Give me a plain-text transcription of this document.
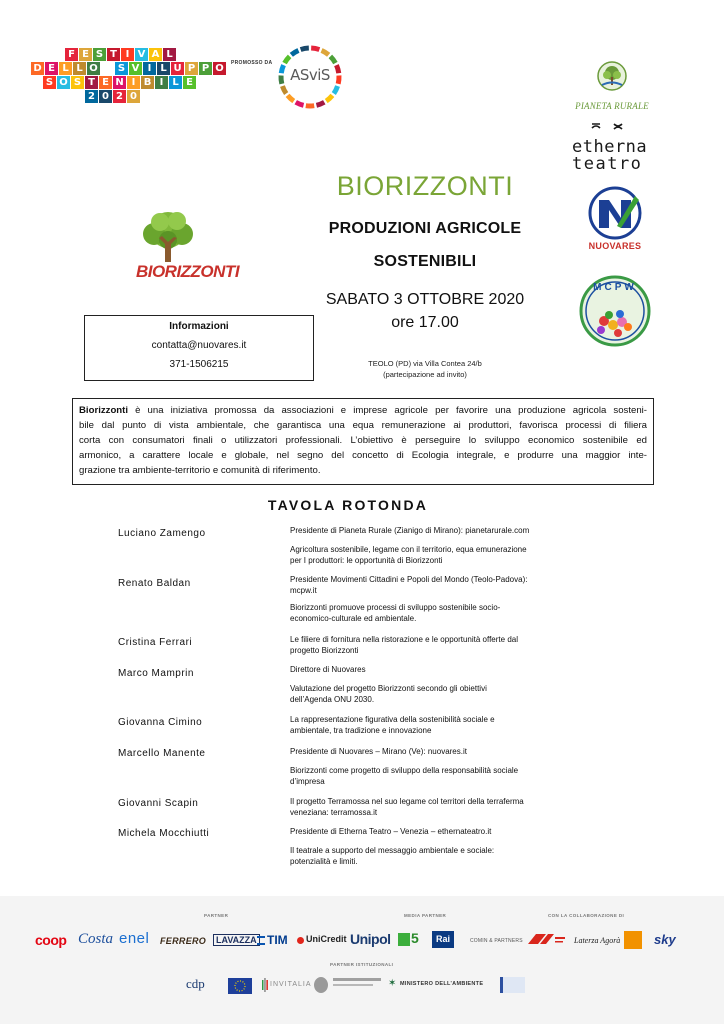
F E S T I V A L
D E L L O S V I L U P P O
S O S T E N I B I L E
2 0 2 0
PROMOSSO DA
ASviS
PIANETA RURALE
etherna
teatro
NUOVARES
MCPW
BIORIZZONTI
BIORIZZONTI
PRODUZIONI AGRICOLE
SOSTENIBILI
SABATO 3 OTTOBRE 2020
ore 17.00
TEOLO (PD) via Villa Contea 24/b
(partecipazione ad invito)
Informazioni
contatta@nuovares.it
371-1506215
Biorizzonti è una iniziativa promossa da associazioni e imprese agricole per favorire una produzione agricola sosteni-
bile dal punto di vista ambientale, che garantisca una equa remunerazione ai produttori, favorisca processi di filiera
corta con consumatori finali o utilizzatori professionali. L’obiettivo è perseguire lo sviluppo economico sostenibile ed
armonico, a carattere locale e globale, nel segno del concetto di Ecologia integrale, e produrre una maggior inte-
grazione tra ambiente-territorio e comunità di riferimento.
TAVOLA ROTONDA
Luciano Zamengo	Presidente di Pianeta Rurale (Zianigo di Mirano): pianetarurale.com
Agricoltura sostenibile, legame con il territorio, equa emunerazione
per I produttori: le opportunità di Biorizzonti
Renato Baldan	Presidente Movimenti Cittadini e Popoli del Mondo (Teolo-Padova):
mcpw.it
Biorizzonti promuove processi di sviluppo sostenibile socio-
economico-culturale ed ambientale.
Cristina Ferrari	Le filiere di fornitura nella ristorazione e le opportunità offerte dal
progetto Biorizzonti
Marco Mamprin	Direttore di Nuovares
Valutazione del progetto Biorizzonti secondo gli obiettivi
dell’Agenda ONU 2030.
Giovanna Cimino	La rappresentazione figurativa della sostenibilità sociale e
ambientale, tra tradizione e innovazione
Marcello Manente	Presidente di Nuovares – Mirano (Ve): nuovares.it
Biorizzonti come progetto di sviluppo della responsabilità sociale
d’impresa
Giovanni Scapin	Il progetto Terramossa nel suo legame col territori della terraferma
veneziana: terramossa.it
Michela Mocchiutti	Presidente di Etherna Teatro – Venezia – ethernateatro.it
Il teatrale a supporto del messaggio ambientale e sociale:
potenzialità e limiti.
PARTNER	MEDIA PARTNER	CON LA COLLABORAZIONE DI
coop Costa enel FERRERO	LAVAZZA TIM UniCredit Unipol 5	Rai	COMIN & PARTNERS	Laterza Agorà	sky
PARTNER ISTITUZIONALI
cdp	INVITALIA	✶ MINISTERO DELL’AMBIENTE
